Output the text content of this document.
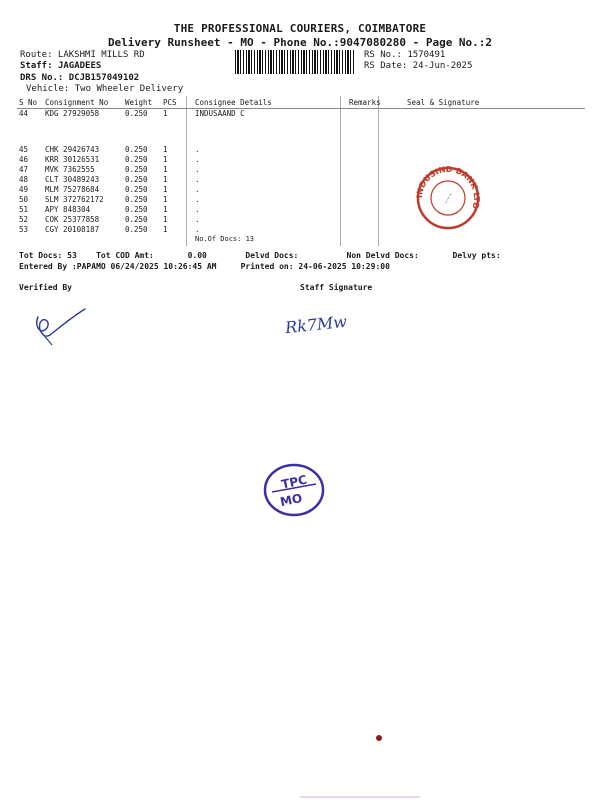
THE PROFESSIONAL COURIERS, COIMBATORE
Delivery Runsheet - MO - Phone No.:9047080280 - Page No.:2
Route: LAKSHMI MILLS RD
Staff: JAGADEES
DRS No.: DCJB157049102
Vehicle: Two Wheeler Delivery
RS No.: 1570491
RS Date: 24-Jun-2025
S No	Consignment No	Weight	PCS	Consignee Details	Remarks	Seal & Signature
44	KDG 27929058	0.250	1	INDUSAAND C		
45	CHK 29426743	0.250	1	.		
46	KRR 30126531	0.250	1	.		
47	MVK 7362555	0.250	1	.		
48	CLT 30489243	0.250	1	.		
49	MLM 75278684	0.250	1	.		
50	SLM 372762172	0.250	1	.		
51	APY 848304	0.250	1	.		
52	COK 25377858	0.250	1	.		
53	CGY 20108187	0.250	1	.		
				No.Of Docs: 13		
Tot Docs: 53 Tot COD Amt:	0.00	Delvd Docs:	Non Delvd Docs:	Delvy pts:
Entered By :PAPAMO 06/24/2025 10:26:45 AM	Printed on: 24-06-2025 10:29:00
Verified By	Staff Signature
INDUSIND BANK LTD
~~~
Rk7Mw
TPC
MO
